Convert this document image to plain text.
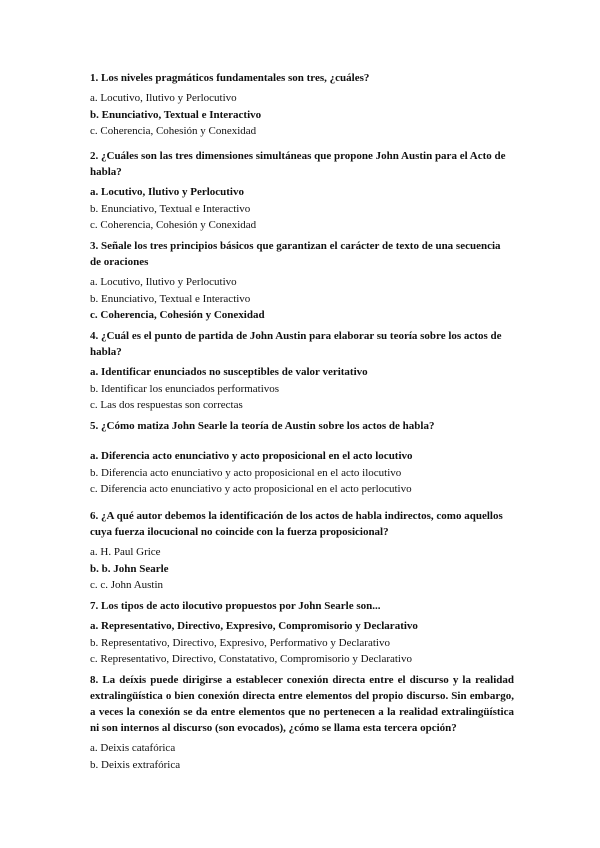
1. Los niveles pragmáticos fundamentales son tres, ¿cuáles?

a. Locutivo, Ilutivo y Perlocutivo
b. Enunciativo, Textual e Interactivo
c. Coherencia, Cohesión y Conexidad

2. ¿Cuáles son las tres dimensiones simultáneas que propone John Austin para el Acto de habla?

a. Locutivo, Ilutivo y Perlocutivo
b. Enunciativo, Textual e Interactivo
c. Coherencia, Cohesión y Conexidad

3. Señale los tres principios básicos que garantizan el carácter de texto de una secuencia de oraciones

a. Locutivo, Ilutivo y Perlocutivo
b. Enunciativo, Textual e Interactivo
c. Coherencia, Cohesión y Conexidad

4. ¿Cuál es el punto de partida de John Austin para elaborar su teoría sobre los actos de habla?

a. Identificar enunciados no susceptibles de valor veritativo
b. Identificar los enunciados performativos
c. Las dos respuestas son correctas

5. ¿Cómo matiza John Searle la teoría de Austin sobre los actos de habla?

a. Diferencia acto enunciativo y acto proposicional en el acto locutivo
b. Diferencia acto enunciativo y acto proposicional en el acto ilocutivo
c. Diferencia acto enunciativo y acto proposicional en el acto perlocutivo

6. ¿A qué autor debemos la identificación de los actos de habla indirectos, como aquellos cuya fuerza ilocucional no coincide con la fuerza proposicional?

a. H. Paul Grice
b. b. John Searle
c. c. John Austin

7. Los tipos de acto ilocutivo propuestos por John Searle son...

a. Representativo, Directivo, Expresivo, Compromisorio y Declarativo
b. Representativo, Directivo, Expresivo, Performativo y Declarativo
c. Representativo, Directivo, Constatativo, Compromisorio y Declarativo

8. La deíxis puede dirigirse a establecer conexión directa entre el discurso y la realidad extralingüística o bien conexión directa entre elementos del propio discurso. Sin embargo, a veces la conexión se da entre elementos que no pertenecen a la realidad extralingüística ni son internos al discurso (son evocados), ¿cómo se llama esta tercera opción?

a. Deixis catafórica
b. Deixis extrafórica
